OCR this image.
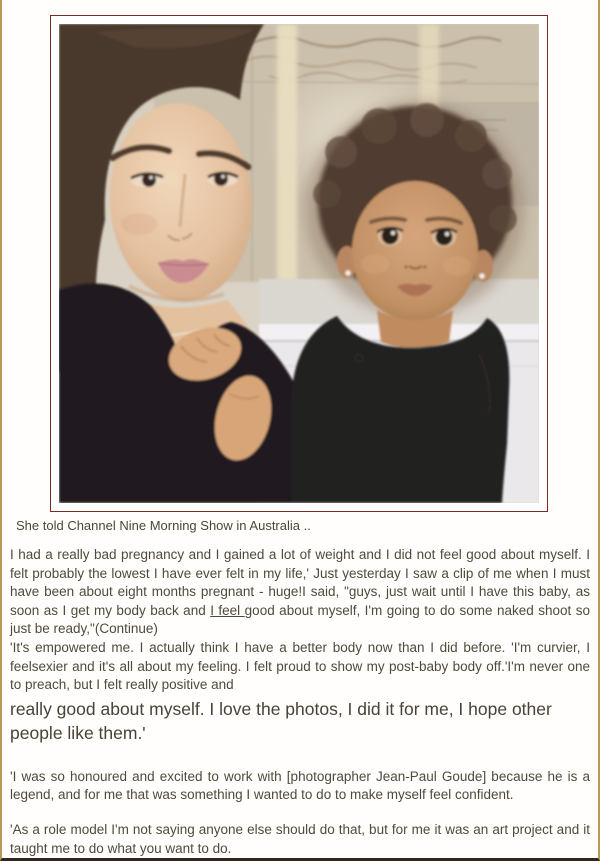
She told Channel Nine Morning Show in Australia ..

I had a really bad pregnancy and I gained a lot of weight and I did not feel good about myself. I felt probably the lowest I have ever felt in my life,' Just yesterday I saw a clip of me when I must have been about eight months pregnant - huge!I said, "guys, just wait until I have this baby, as soon as I get my body back and I feel good about myself, I'm going to do some naked shoot so just be ready,"(Continue)
'It's empowered me. I actually think I have a better body now than I did before. 'I'm curvier, I feelsexier and it's all about my feeling. I felt proud to show my post-baby body off.'I'm never one to preach, but I felt really positive and

really good about myself. I love the photos, I did it for me, I hope other people like them.'

'I was so honoured and excited to work with [photographer Jean-Paul Goude] because he is a legend, and for me that was something I wanted to do to make myself feel confident.

'As a role model I'm not saying anyone else should do that, but for me it was an art project and it taught me to do what you want to do.
